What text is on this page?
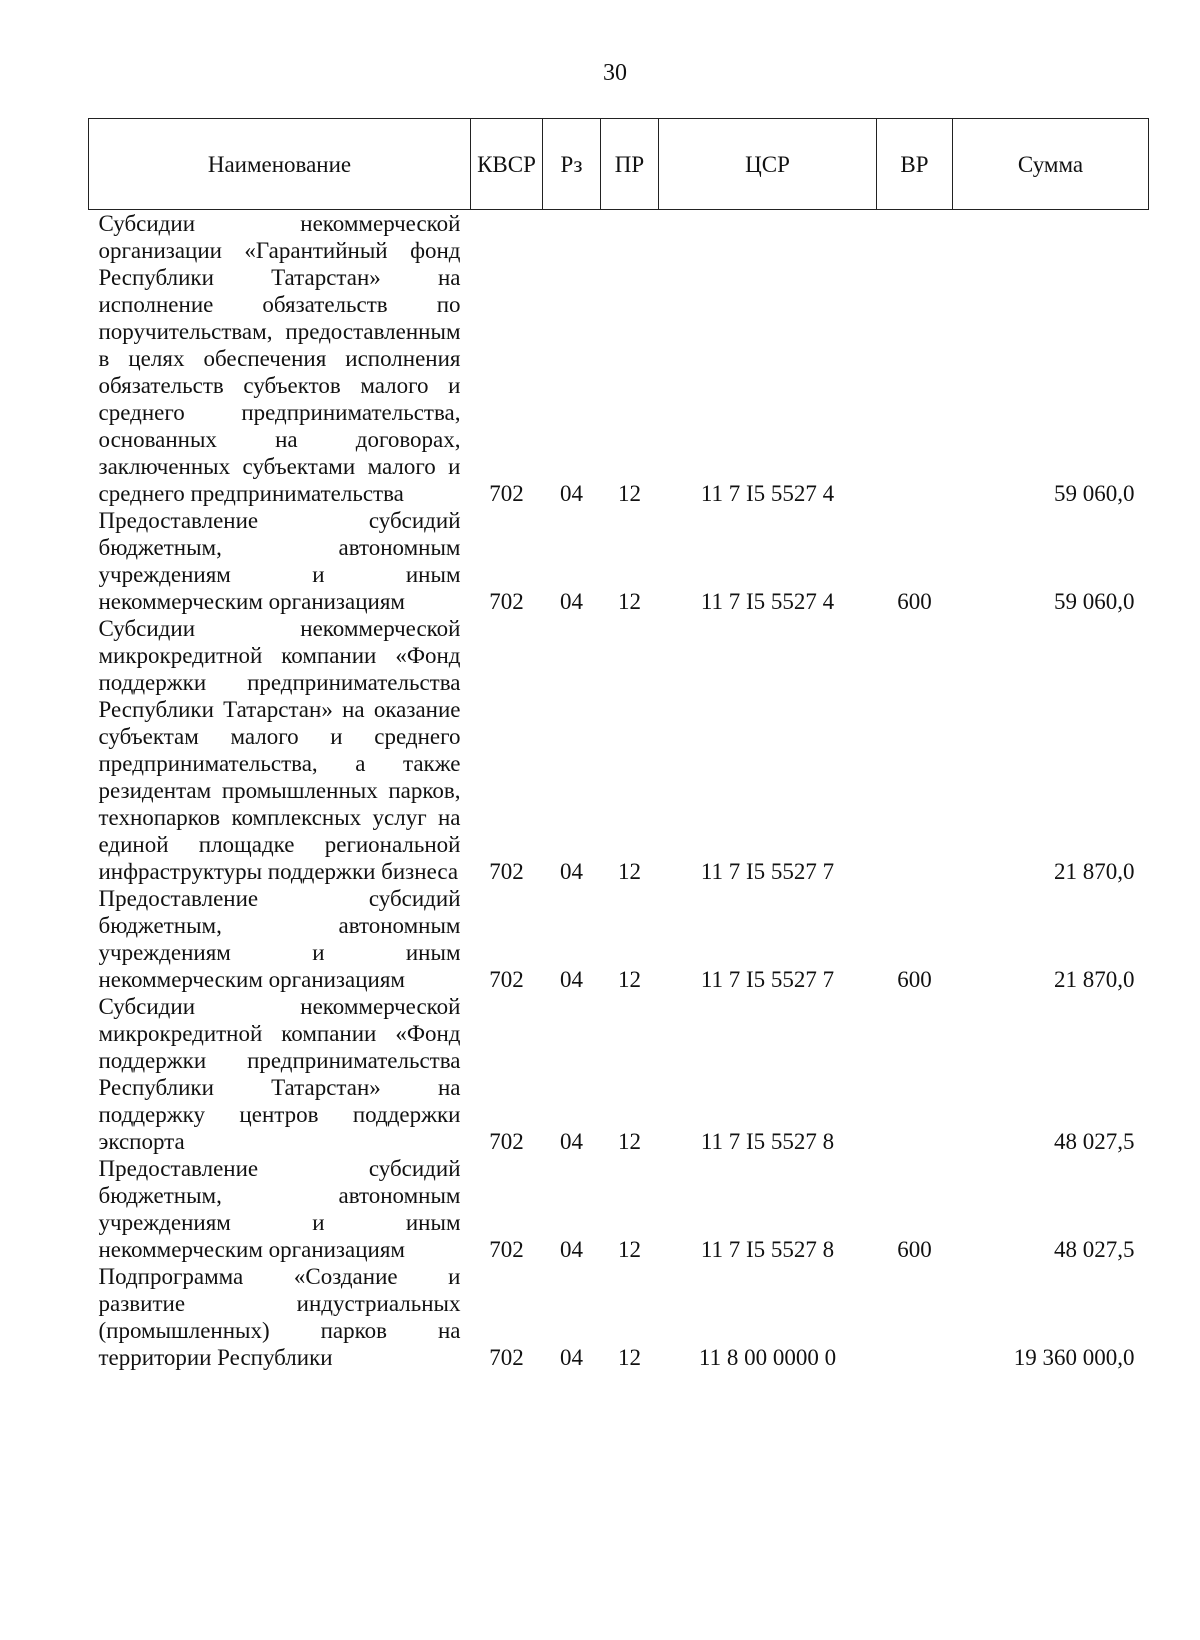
30
Наименование	КВСР	Рз	ПР	ЦСР	ВР	Сумма
Субсидии некоммерческой организации «Гарантийный фонд Республики Татарстан» на исполнение обязательств по поручительствам, предоставленным в целях обеспечения исполнения обязательств субъектов малого и среднего предпринимательства, основанных на договорах, заключенных субъектами малого и среднего предпринимательства	702	04	12	11 7 I5 5527 4		59 060,0
Предоставление субсидий бюджетным, автономным учреждениям и иным некоммерческим организациям	702	04	12	11 7 I5 5527 4	600	59 060,0
Субсидии некоммерческой микрокредитной компании «Фонд поддержки предпринимательства Республики Татарстан» на оказание субъектам малого и среднего предпринимательства, а также резидентам промышленных парков, технопарков комплексных услуг на единой площадке региональной инфраструктуры поддержки бизнеса	702	04	12	11 7 I5 5527 7		21 870,0
Предоставление субсидий бюджетным, автономным учреждениям и иным некоммерческим организациям	702	04	12	11 7 I5 5527 7	600	21 870,0
Субсидии некоммерческой микрокредитной компании «Фонд поддержки предпринимательства Республики Татарстан» на поддержку центров поддержки экспорта	702	04	12	11 7 I5 5527 8		48 027,5
Предоставление субсидий бюджетным, автономным учреждениям и иным некоммерческим организациям	702	04	12	11 7 I5 5527 8	600	48 027,5
Подпрограмма «Создание и развитие индустриальных (промышленных) парков на территории Республики	702	04	12	11 8 00 0000 0		19 360 000,0
